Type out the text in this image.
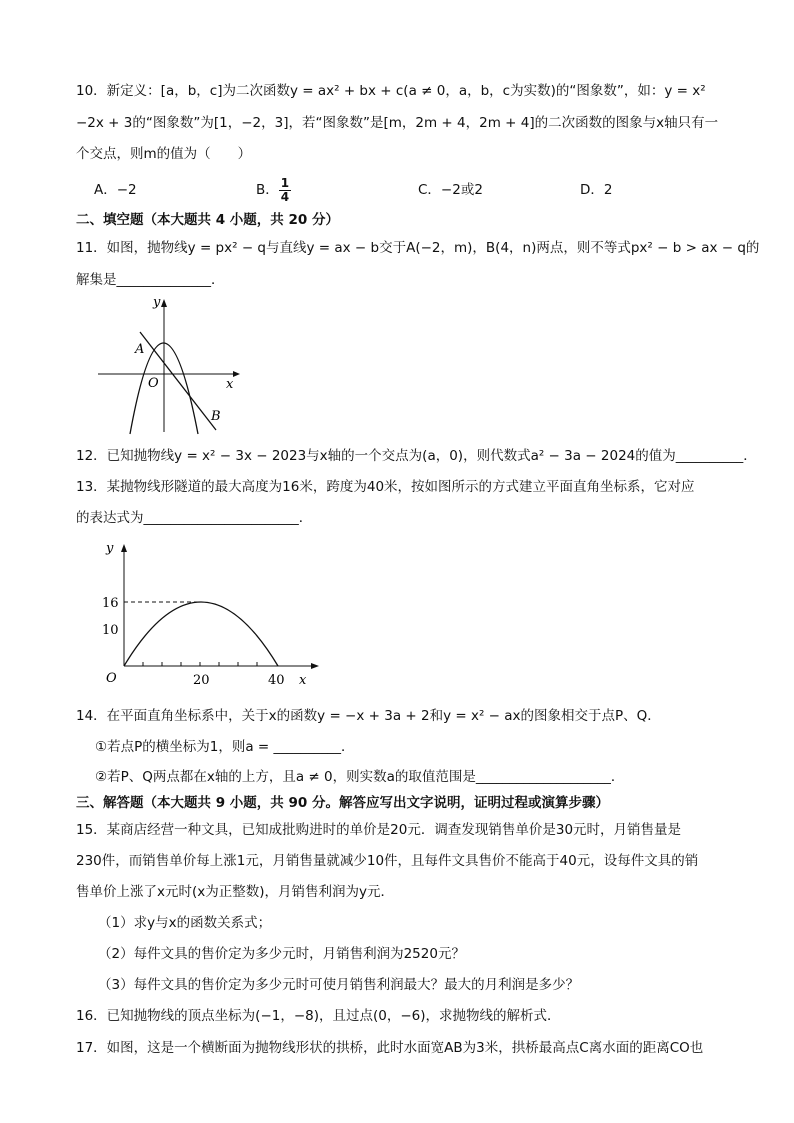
10．新定义：[a，b，c]为二次函数y = ax² + bx + c(a ≠ 0，a，b，c为实数)的“图象数”，如：y = x²
−2x + 3的“图象数”为[1，−2，3]，若“图象数”是[m，2m + 4，2m + 4]的二次函数的图象与x轴只有一
个交点，则m的值为（　　）
A．−2	B． $\frac{1}{4}$	C．−2或2	D．2
二、填空题（本大题共 4 小题，共 20 分）
11．如图，抛物线y = px² − q与直线y = ax − b交于A(−2，m)，B(4，n)两点，则不等式px² − b > ax − q的
解集是______________．
y
x
O
A
B
12．已知抛物线y = x² − 3x − 2023与x轴的一个交点为(a，0)，则代数式a² − 3a − 2024的值为__________．
13．某抛物线形隧道的最大高度为16米，跨度为40米，按如图所示的方式建立平面直角坐标系，它对应
的表达式为_______________________．
y
x
O
16
10
20	40
14．在平面直角坐标系中，关于x的函数y = −x + 3a + 2和y = x² − ax的图象相交于点P、Q．
①若点P的横坐标为1，则a = __________．
②若P、Q两点都在x轴的上方，且a ≠ 0，则实数a的取值范围是____________________．
三、解答题（本大题共 9 小题，共 90 分。解答应写出文字说明，证明过程或演算步骤）
15．某商店经营一种文具，已知成批购进时的单价是20元．调查发现销售单价是30元时，月销售量是
230件，而销售单价每上涨1元，月销售量就减少10件，且每件文具售价不能高于40元，设每件文具的销
售单价上涨了x元时(x为正整数)，月销售利润为y元．
（1）求y与x的函数关系式；
（2）每件文具的售价定为多少元时，月销售利润为2520元？
（3）每件文具的售价定为多少元时可使月销售利润最大？最大的月利润是多少？
16．已知抛物线的顶点坐标为(−1，−8)，且过点(0，−6)，求抛物线的解析式．
17．如图，这是一个横断面为抛物线形状的拱桥，此时水面宽AB为3米，拱桥最高点C离水面的距离CO也
